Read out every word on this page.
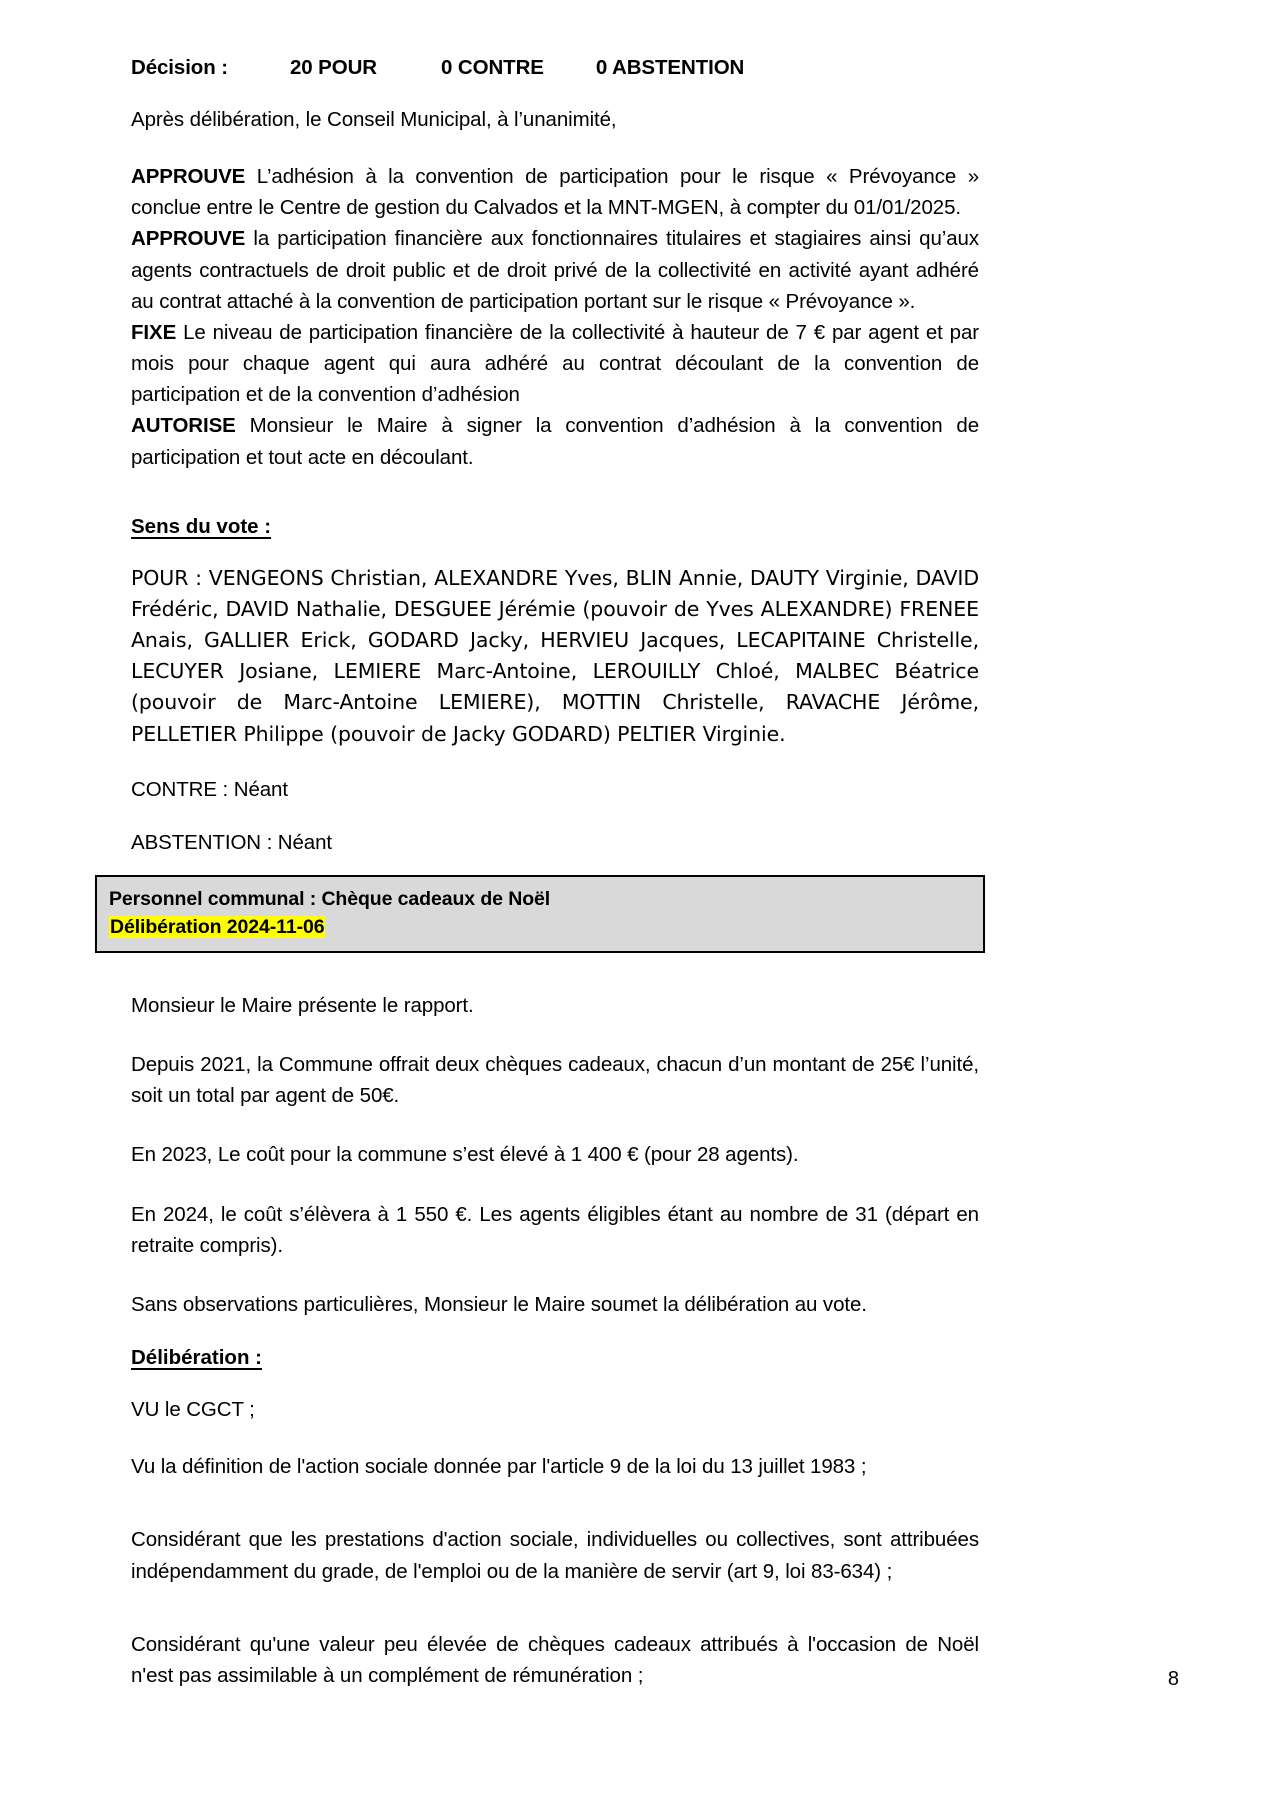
Décision :	20 POUR	0 CONTRE	0 ABSTENTION

Après délibération, le Conseil Municipal, à l’unanimité,

APPROUVE L’adhésion à la convention de participation pour le risque « Prévoyance » conclue entre le Centre de gestion du Calvados et la MNT-MGEN, à compter du 01/01/2025.

APPROUVE la participation financière aux fonctionnaires titulaires et stagiaires ainsi qu’aux agents contractuels de droit public et de droit privé de la collectivité en activité ayant adhéré au contrat attaché à la convention de participation portant sur le risque « Prévoyance ».

FIXE Le niveau de participation financière de la collectivité à hauteur de 7 € par agent et par mois pour chaque agent qui aura adhéré au contrat découlant de la convention de participation et de la convention d’adhésion

AUTORISE Monsieur le Maire à signer la convention d’adhésion à la convention de participation et tout acte en découlant.

Sens du vote :

POUR : VENGEONS Christian, ALEXANDRE Yves, BLIN Annie, DAUTY Virginie, DAVID Frédéric, DAVID Nathalie, DESGUEE Jérémie (pouvoir de Yves ALEXANDRE) FRENEE Anais, GALLIER Erick, GODARD Jacky, HERVIEU Jacques, LECAPITAINE Christelle, LECUYER Josiane, LEMIERE Marc-Antoine, LEROUILLY Chloé, MALBEC Béatrice (pouvoir de Marc-Antoine LEMIERE), MOTTIN Christelle, RAVACHE Jérôme, PELLETIER Philippe (pouvoir de Jacky GODARD) PELTIER Virginie.

CONTRE : Néant

ABSTENTION : Néant

Personnel communal : Chèque cadeaux de Noël
Délibération 2024-11-06

Monsieur le Maire présente le rapport.

Depuis 2021, la Commune offrait deux chèques cadeaux, chacun d’un montant de 25€ l’unité, soit un total par agent de 50€.

En 2023, Le coût pour la commune s’est élevé à 1 400 € (pour 28 agents).

En 2024, le coût s’élèvera à 1 550 €. Les agents éligibles étant au nombre de 31 (départ en retraite compris).

Sans observations particulières, Monsieur le Maire soumet la délibération au vote.

Délibération :

VU le CGCT ;

Vu la définition de l'action sociale donnée par l'article 9 de la loi du 13 juillet 1983 ;

Considérant que les prestations d'action sociale, individuelles ou collectives, sont attribuées indépendamment du grade, de l'emploi ou de la manière de servir (art 9, loi 83-634) ;

Considérant qu'une valeur peu élevée de chèques cadeaux attribués à l'occasion de Noël n'est pas assimilable à un complément de rémunération ;	8
